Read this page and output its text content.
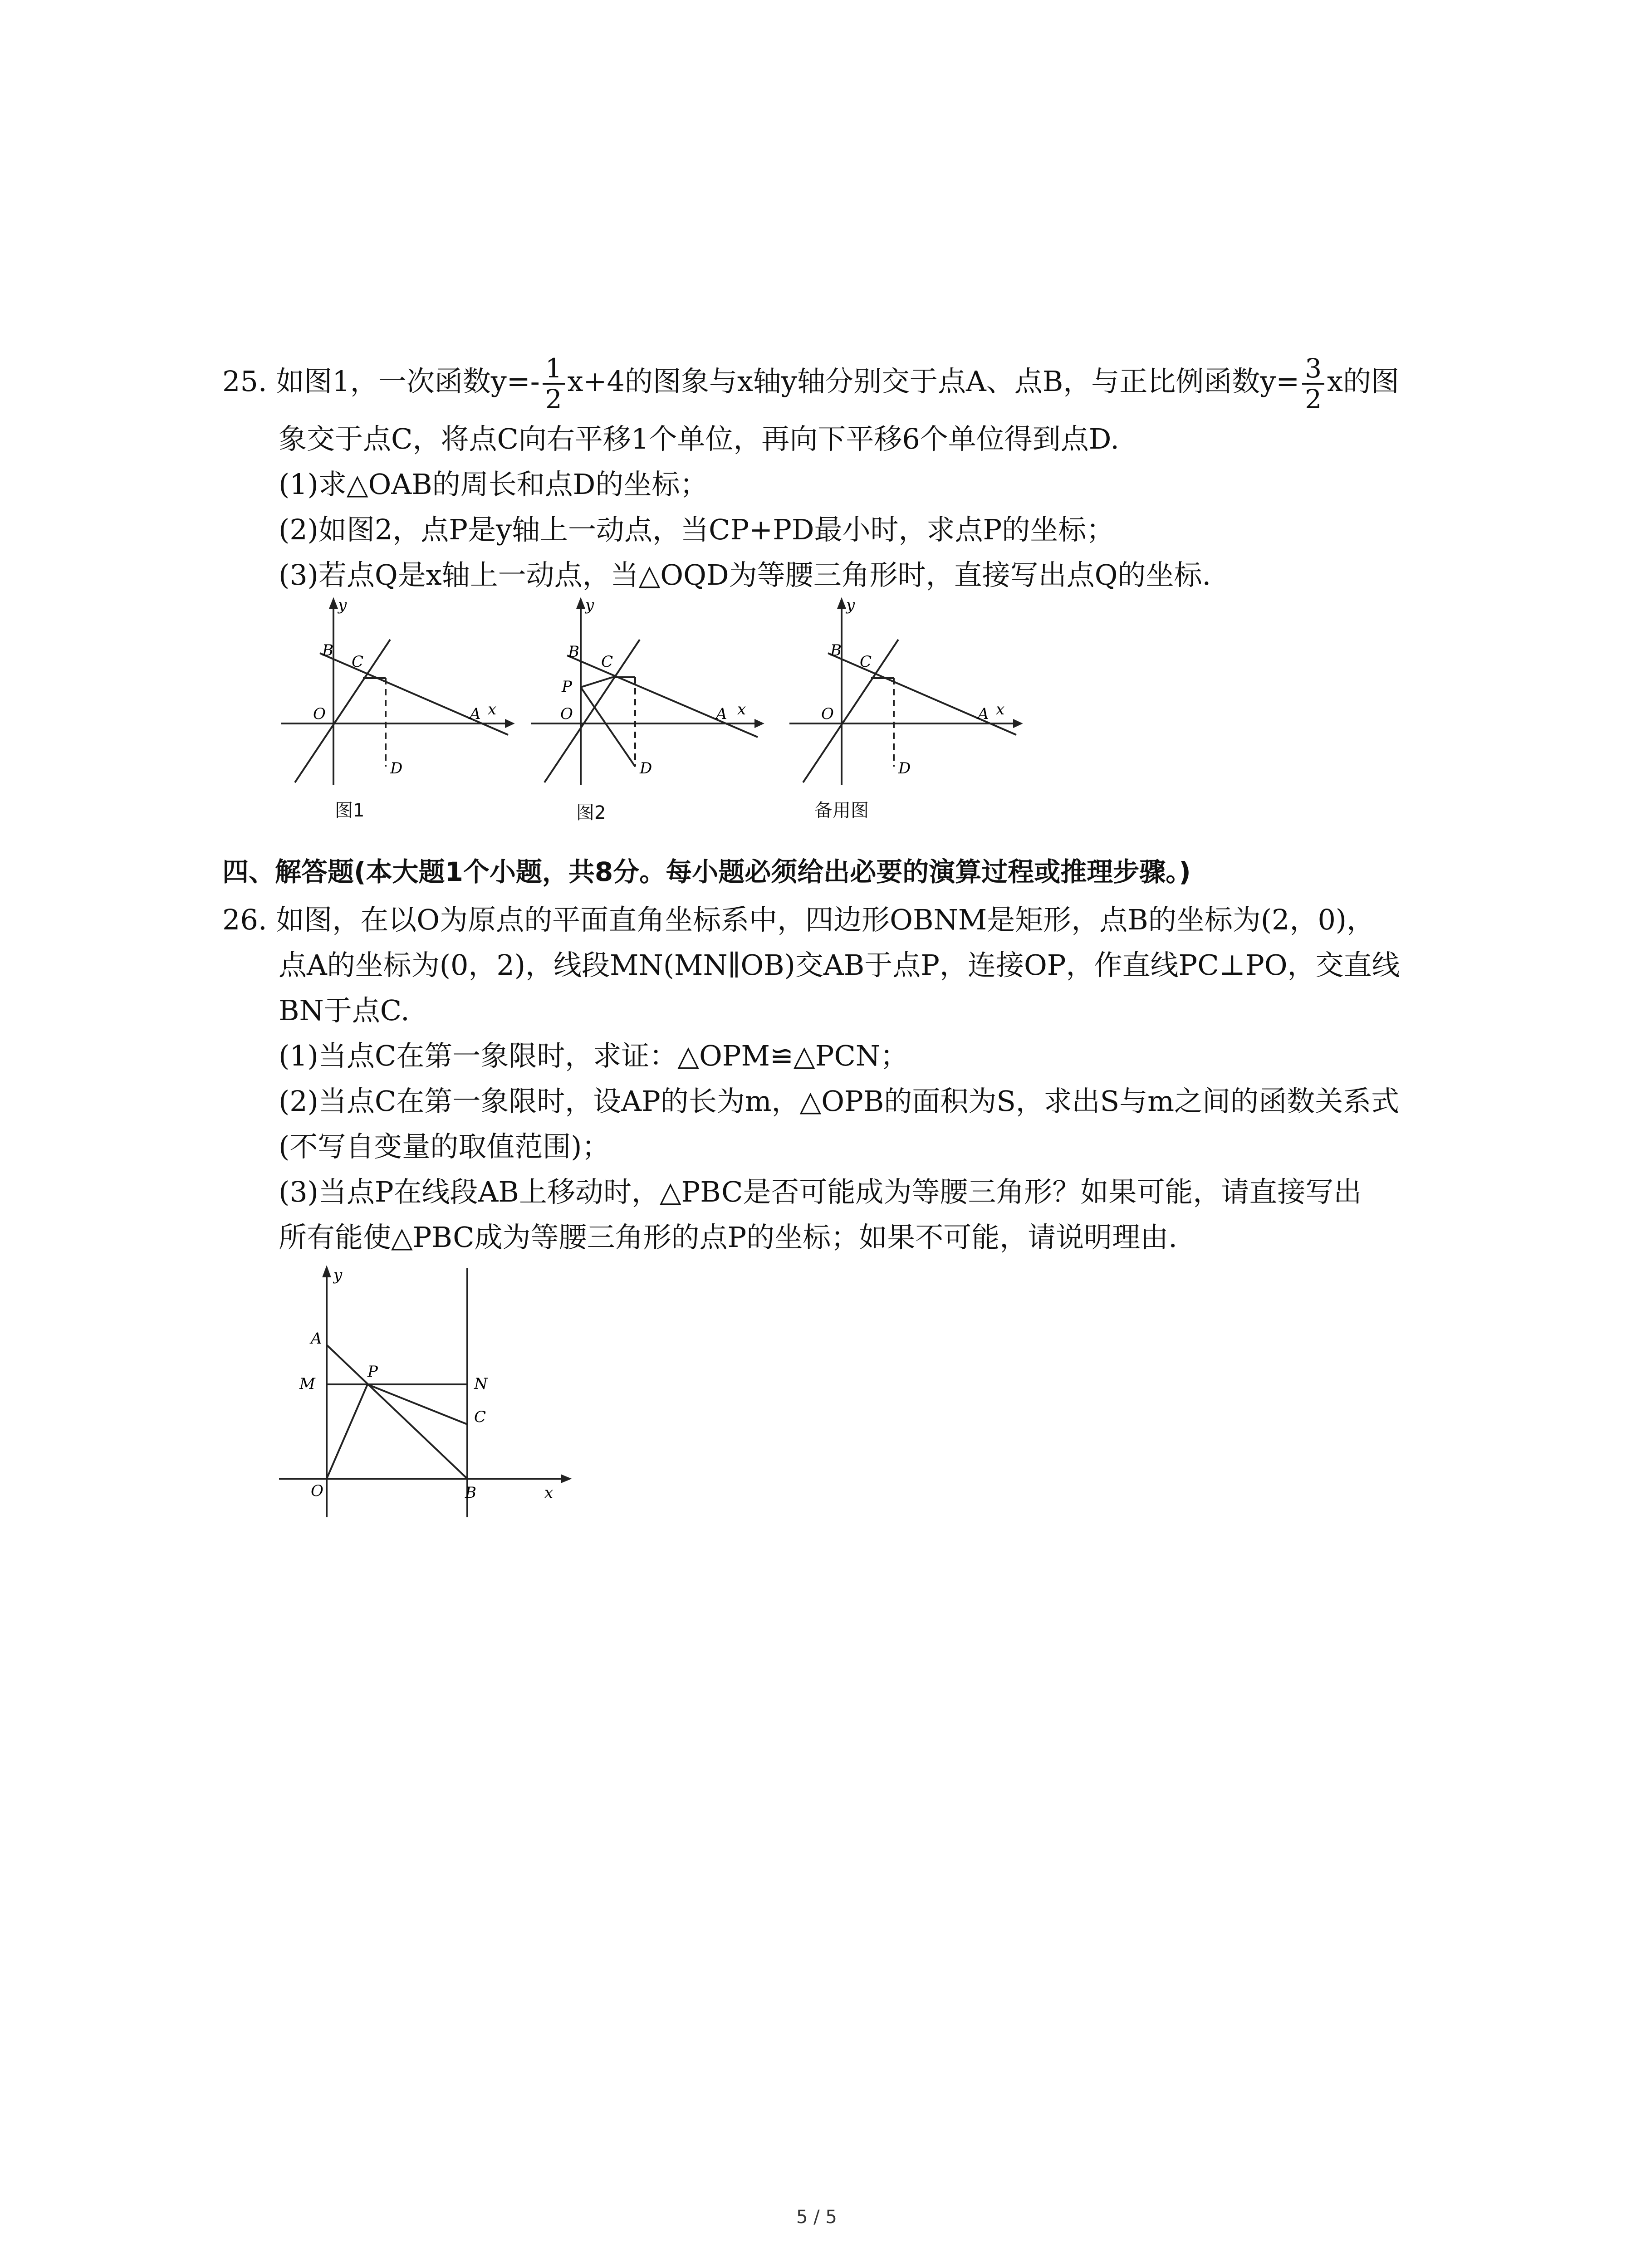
25. 如图1，一次函数$y=- \frac{1}{2} x+4$的图象与x轴y轴分别交于点A、点B，与正比例函数$y= \frac{3}{2}$ x的图
象交于点C，将点C向右平移1个单位，再向下平移6个单位得到点D.
(1)求△OAB的周长和点D的坐标；
(2)如图2，点P是y轴上一动点，当CP+PD最小时，求点P的坐标；
(3)若点Q是x轴上一动点，当△OQD为等腰三角形时，直接写出点Q的坐标.
y
B
C
O	A x
D
图1
y
B
C
P
O	A x
D
图2
y
B
C
O	A x
D
备用图
四、解答题(本大题1个小题，共8分。每小题必须给出必要的演算过程或推理步骤。)
26. 如图，在以O为原点的平面直角坐标系中，四边形OBNM是矩形，点B的坐标为(2，0)，
点A的坐标为(0，2)，线段MN(MN∥OB)交AB于点P，连接OP，作直线PC⊥PO，交直线
BN于点C.
(1)当点C在第一象限时，求证：△OPM≌△PCN；
(2)当点C在第一象限时，设AP的长为m，△OPB的面积为S，求出S与m之间的函数关系式
(不写自变量的取值范围)；
(3)当点P在线段AB上移动时，△PBC是否可能成为等腰三角形？如果可能，请直接写出
所有能使△PBC成为等腰三角形的点P的坐标；如果不可能，请说明理由.
y
A
M
P
N
C
O	B	x
5 / 5
